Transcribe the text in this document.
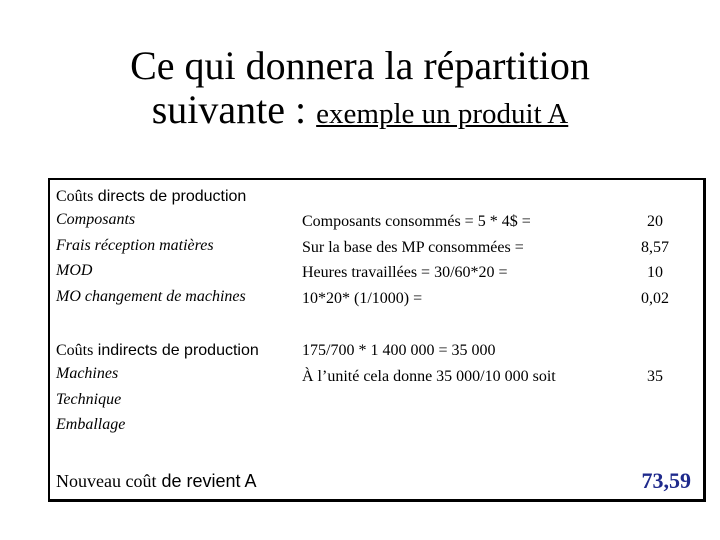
Ce qui donnera la répartition
suivante : exemple un produit A
Coûts directs de production
Composants
Frais réception matières
MOD
MO changement de machines
Composants consommés = 5 * 4$ =
Sur la base des MP consommées =
Heures travaillées = 30/60*20 =
10*20* (1/1000) =
20
8,57
10
0,02
Coûts indirects de production
Machines
Technique
Emballage
175/700 * 1 400 000 = 35 000
À l’unité cela donne 35 000/10 000 soit	35
Nouveau coût de revient A	73,59
